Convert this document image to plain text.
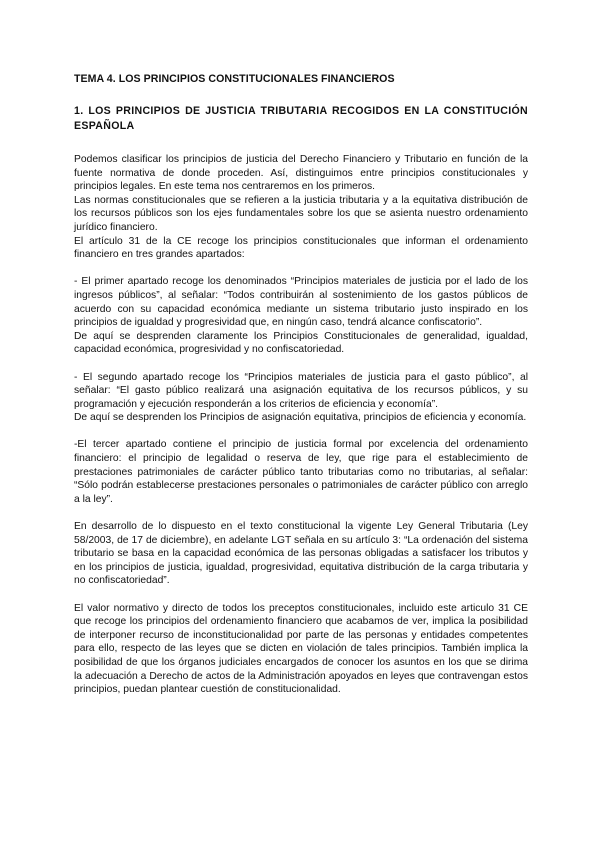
TEMA 4. LOS PRINCIPIOS CONSTITUCIONALES FINANCIEROS
1. LOS PRINCIPIOS DE JUSTICIA TRIBUTARIA RECOGIDOS EN LA CONSTITUCIÓN ESPAÑOLA

Podemos clasificar los principios de justicia del Derecho Financiero y Tributario en función de la fuente normativa de donde proceden. Así, distinguimos entre principios constitucionales y principios legales. En este tema nos centraremos en los primeros.

Las normas constitucionales que se refieren a la justicia tributaria y a la equitativa distribución de los recursos públicos son los ejes fundamentales sobre los que se asienta nuestro ordenamiento jurídico financiero.

El artículo 31 de la CE recoge los principios constitucionales que informan el ordenamiento financiero en tres grandes apartados:

- El primer apartado recoge los denominados “Principios materiales de justicia por el lado de los ingresos públicos”, al señalar: “Todos contribuirán al sostenimiento de los gastos públicos de acuerdo con su capacidad económica mediante un sistema tributario justo inspirado en los principios de igualdad y progresividad que, en ningún caso, tendrá alcance confiscatorio”.

De aquí se desprenden claramente los Principios Constitucionales de generalidad, igualdad, capacidad económica, progresividad y no confiscatoriedad.

- El segundo apartado recoge los “Principios materiales de justicia para el gasto público”, al señalar: “El gasto público realizará una asignación equitativa de los recursos públicos, y su programación y ejecución responderán a los criterios de eficiencia y economía”.

De aquí se desprenden los Principios de asignación equitativa, principios de eficiencia y economía.

-El tercer apartado contiene el principio de justicia formal por excelencia del ordenamiento financiero: el principio de legalidad o reserva de ley, que rige para el establecimiento de prestaciones patrimoniales de carácter público tanto tributarias como no tributarias, al señalar: “Sólo podrán establecerse prestaciones personales o patrimoniales de carácter público con arreglo a la ley”.

En desarrollo de lo dispuesto en el texto constitucional la vigente Ley General Tributaria (Ley 58/2003, de 17 de diciembre), en adelante LGT señala en su artículo 3: “La ordenación del sistema tributario se basa en la capacidad económica de las personas obligadas a satisfacer los tributos y en los principios de justicia, igualdad, progresividad, equitativa distribución de la carga tributaria y no confiscatoriedad”.

El valor normativo y directo de todos los preceptos constitucionales, incluido este articulo 31 CE que recoge los principios del ordenamiento financiero que acabamos de ver, implica la posibilidad de interponer recurso de inconstitucionalidad por parte de las personas y entidades competentes para ello, respecto de las leyes que se dicten en violación de tales principios. También implica la posibilidad de que los órganos judiciales encargados de conocer los asuntos en los que se dirima la adecuación a Derecho de actos de la Administración apoyados en leyes que contravengan estos principios, puedan plantear cuestión de constitucionalidad.
